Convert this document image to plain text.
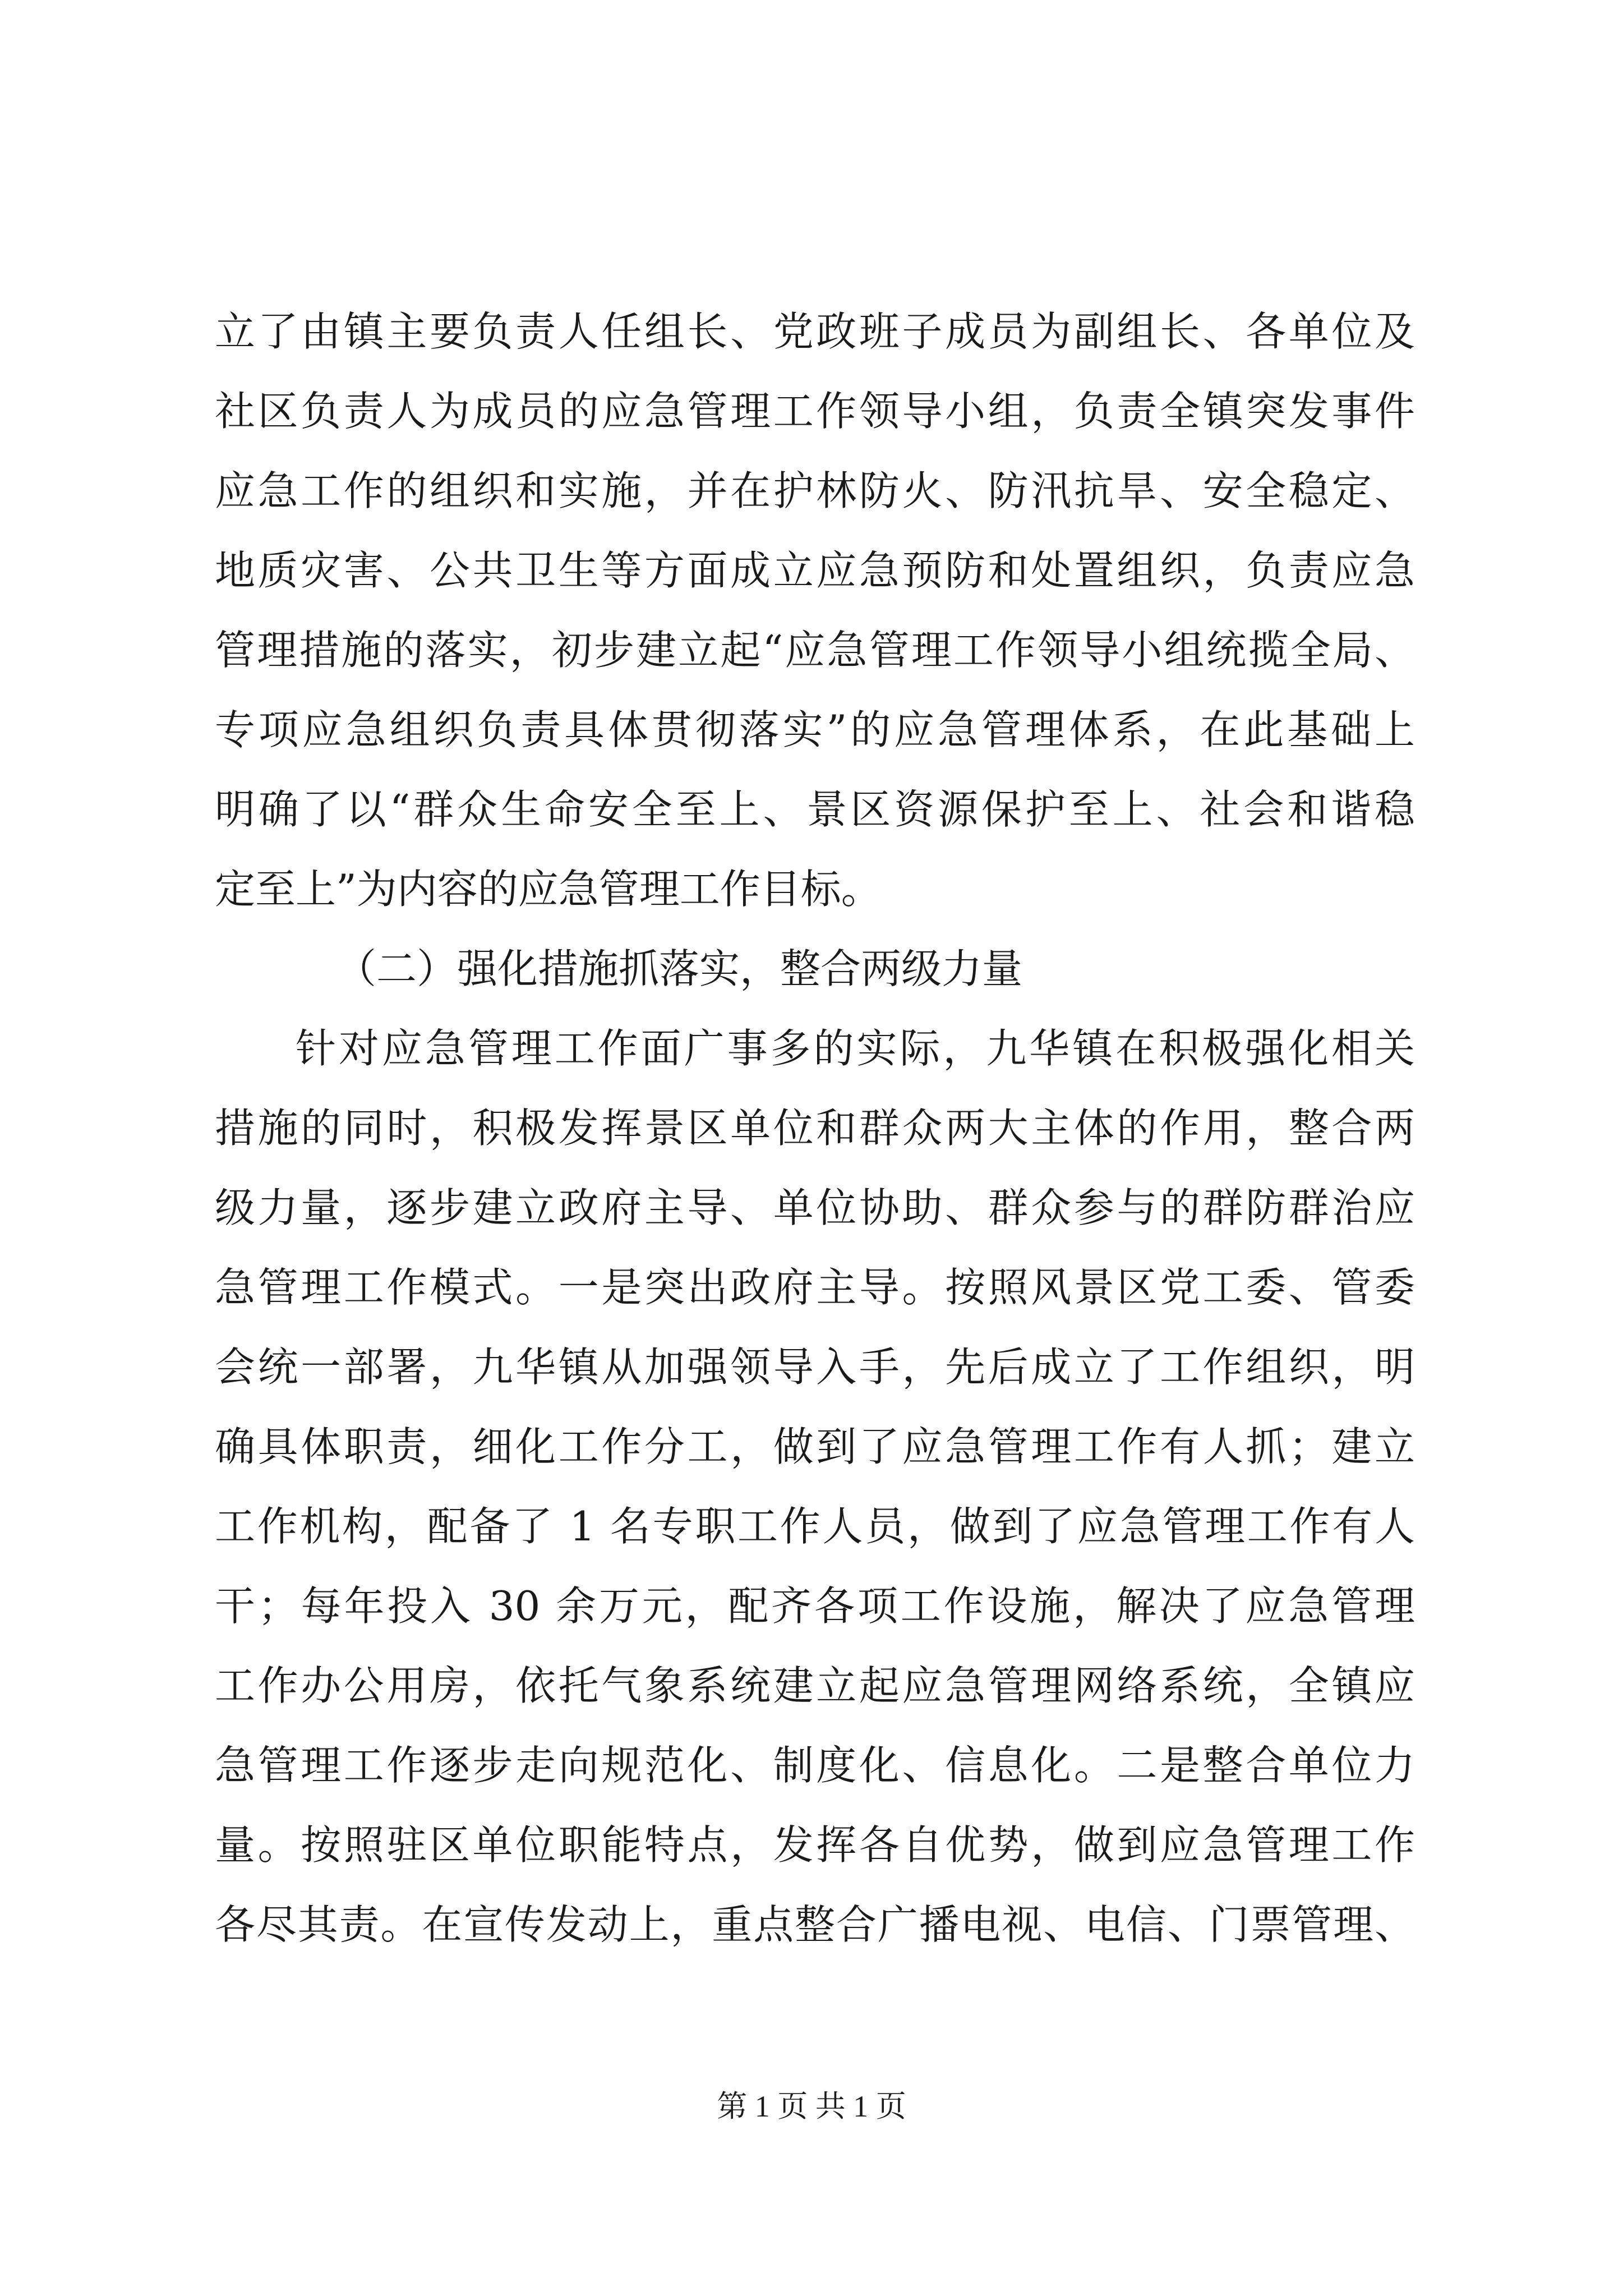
立了由镇主要负责人任组长、党政班子成员为副组长、各单位及
社区负责人为成员的应急管理工作领导小组，负责全镇突发事件
应急工作的组织和实施，并在护林防火、防汛抗旱、安全稳定、
地质灾害、公共卫生等方面成立应急预防和处置组织，负责应急
管理措施的落实，初步建立起“应急管理工作领导小组统揽全局、
专项应急组织负责具体贯彻落实”的应急管理体系，在此基础上
明确了以“群众生命安全至上、景区资源保护至上、社会和谐稳
定至上”为内容的应急管理工作目标。
（二）强化措施抓落实，整合两级力量
针对应急管理工作面广事多的实际，九华镇在积极强化相关
措施的同时，积极发挥景区单位和群众两大主体的作用，整合两
级力量，逐步建立政府主导、单位协助、群众参与的群防群治应
急管理工作模式。一是突出政府主导。按照风景区党工委、管委
会统一部署，九华镇从加强领导入手，先后成立了工作组织，明
确具体职责，细化工作分工，做到了应急管理工作有人抓；建立
工作机构，配备了 1 名专职工作人员，做到了应急管理工作有人
干；每年投入 30 余万元，配齐各项工作设施，解决了应急管理
工作办公用房，依托气象系统建立起应急管理网络系统，全镇应
急管理工作逐步走向规范化、制度化、信息化。二是整合单位力
量。按照驻区单位职能特点，发挥各自优势，做到应急管理工作
各尽其责。在宣传发动上，重点整合广播电视、电信、门票管理、
第 1 页 共 1 页
